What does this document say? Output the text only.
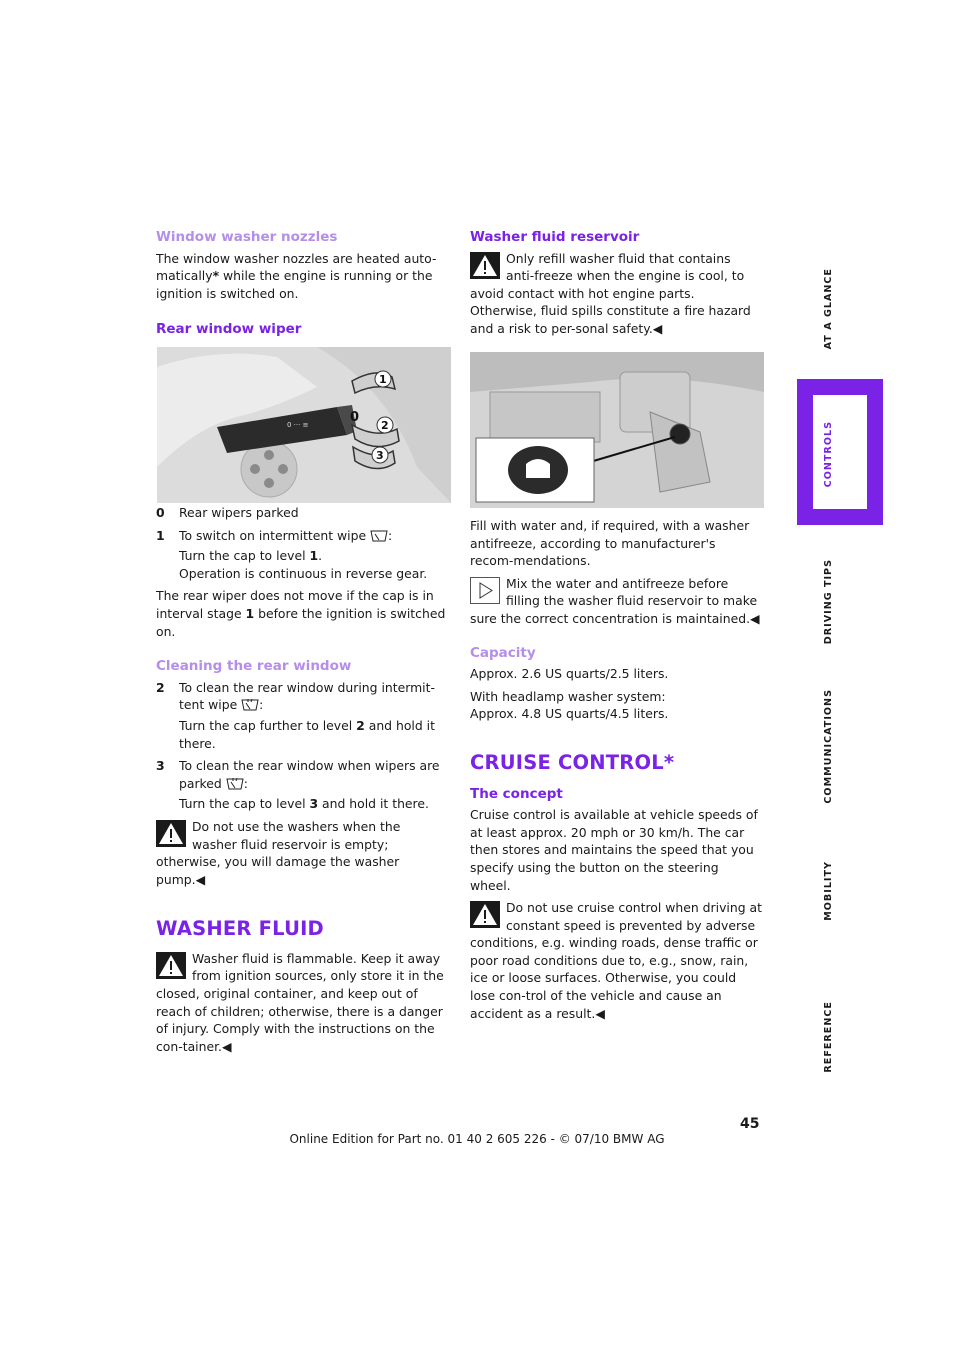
Window washer nozzles

The window washer nozzles are heated auto-matically* while the engine is running or the ignition is switched on.

Rear window wiper
0 ··· ≡
1
0
2
3
0 Rear wipers parked
1 To switch on intermittent wipe :
Turn the cap to level 1.
Operation is continuous in reverse gear.

The rear wiper does not move if the cap is in interval stage 1 before the ignition is switched on.

Cleaning the rear window
2 To clean the rear window during intermit-tent wipe :
Turn the cap further to level 2 and hold it there.
3 To clean the rear window when wipers are parked :
Turn the cap to level 3 and hold it there.
Do not use the washers when the washer fluid reservoir is empty; otherwise, you will damage the washer pump.◀
WASHER FLUID
Washer fluid is flammable. Keep it away from ignition sources, only store it in the closed, original container, and keep out of reach of children; otherwise, there is a danger of injury. Comply with the instructions on the con-tainer.◀
Washer fluid reservoir
Only refill washer fluid that contains anti-freeze when the engine is cool, to avoid contact with hot engine parts. Otherwise, fluid spills constitute a fire hazard and a risk to per-sonal safety.◀

Fill with water and, if required, with a washer antifreeze, according to manufacturer's recom-mendations.

Mix the water and antifreeze before filling the washer fluid reservoir to make sure the correct concentration is maintained.◀
Capacity

Approx. 2.6 US quarts/2.5 liters.

With headlamp washer system:

Approx. 4.8 US quarts/4.5 liters.

CRUISE CONTROL*
The concept

Cruise control is available at vehicle speeds of at least approx. 20 mph or 30 km/h. The car then stores and maintains the speed that you specify using the button on the steering wheel.

Do not use cruise control when driving at constant speed is prevented by adverse conditions, e.g. winding roads, dense traffic or poor road conditions due to, e.g., snow, rain, ice or loose surfaces. Otherwise, you could lose con-trol of the vehicle and cause an accident as a result.◀
AT A GLANCE
CONTROLS
DRIVING TIPS
COMMUNICATIONS
MOBILITY
REFERENCE
45
Online Edition for Part no. 01 40 2 605 226 - © 07/10 BMW AG
